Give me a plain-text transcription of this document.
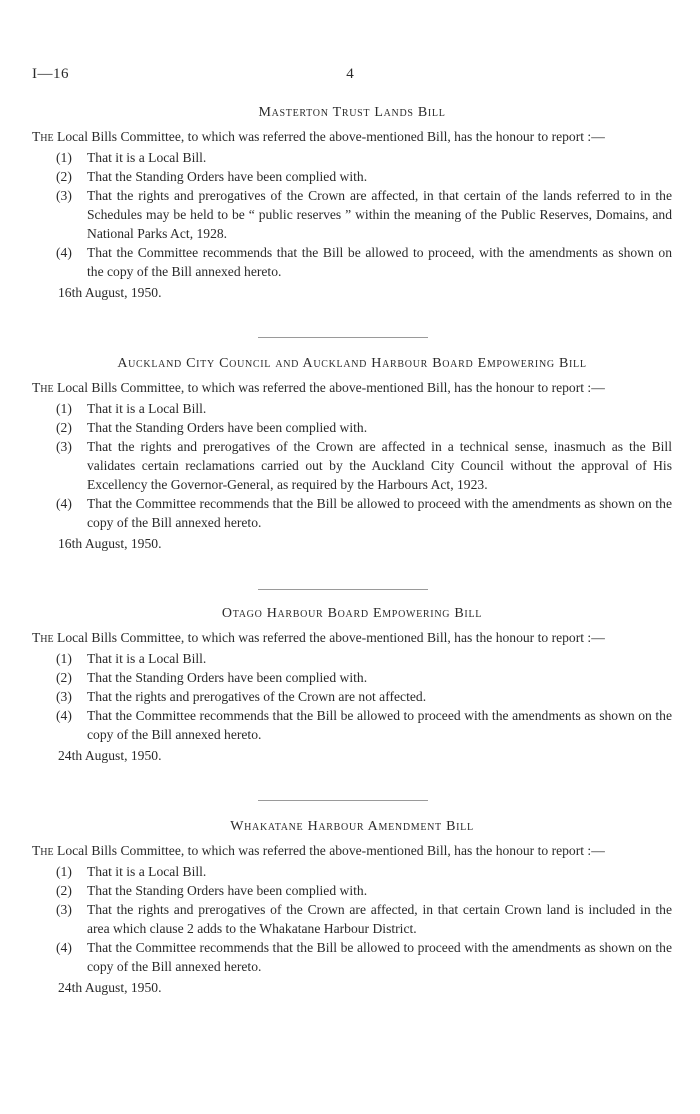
I—16	4
Masterton Trust Lands Bill

The Local Bills Committee, to which was referred the above-mentioned Bill, has the honour to report :—

(1) That it is a Local Bill.
(2) That the Standing Orders have been complied with.
(3) That the rights and prerogatives of the Crown are affected, in that certain of the lands referred to in the Schedules may be held to be “ public reserves ” within the meaning of the Public Reserves, Domains, and National Parks Act, 1928.
(4) That the Committee recommends that the Bill be allowed to proceed, with the amendments as shown on the copy of the Bill annexed hereto.
16th August, 1950.
Auckland City Council and Auckland Harbour Board Empowering Bill

The Local Bills Committee, to which was referred the above-mentioned Bill, has the honour to report :—

(1) That it is a Local Bill.
(2) That the Standing Orders have been complied with.
(3) That the rights and prerogatives of the Crown are affected in a technical sense, inasmuch as the Bill validates certain reclamations carried out by the Auckland City Council without the approval of His Excellency the Governor-General, as required by the Harbours Act, 1923.
(4) That the Committee recommends that the Bill be allowed to proceed with the amendments as shown on the copy of the Bill annexed hereto.
16th August, 1950.
Otago Harbour Board Empowering Bill

The Local Bills Committee, to which was referred the above-mentioned Bill, has the honour to report :—

(1) That it is a Local Bill.
(2) That the Standing Orders have been complied with.
(3) That the rights and prerogatives of the Crown are not affected.
(4) That the Committee recommends that the Bill be allowed to proceed with the amendments as shown on the copy of the Bill annexed hereto.
24th August, 1950.
Whakatane Harbour Amendment Bill

The Local Bills Committee, to which was referred the above-mentioned Bill, has the honour to report :—

(1) That it is a Local Bill.
(2) That the Standing Orders have been complied with.
(3) That the rights and prerogatives of the Crown are affected, in that certain Crown land is included in the area which clause 2 adds to the Whakatane Harbour District.
(4) That the Committee recommends that the Bill be allowed to proceed with the amendments as shown on the copy of the Bill annexed hereto.
24th August, 1950.
